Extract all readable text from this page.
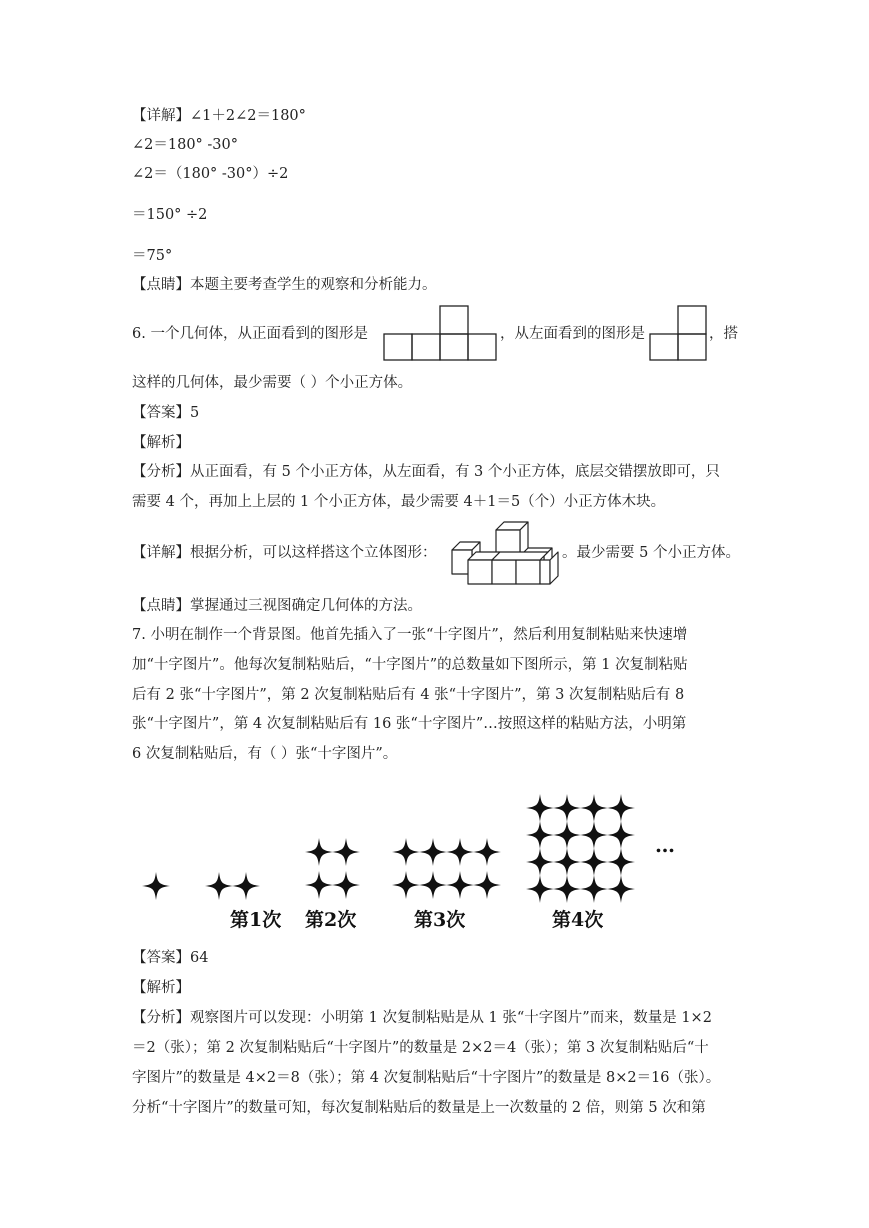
【详解】∠1＋2∠2＝180°
∠2＝180° -30°
∠2＝（180° -30°）÷2
＝150° ÷2
＝75°
【点睛】本题主要考查学生的观察和分析能力。
6. 一个几何体，从正面看到的图形是	，从左面看到的图形是	，搭
这样的几何体，最少需要（ ）个小正方体。
【答案】5
【解析】
【分析】从正面看，有 5 个小正方体，从左面看，有 3 个小正方体，底层交错摆放即可，只
需要 4 个，再加上上层的 1 个小正方体，最少需要 4＋1＝5（个）小正方体木块。
【详解】根据分析，可以这样搭这个立体图形：	。最少需要 5 个小正方体。
【点睛】掌握通过三视图确定几何体的方法。
7. 小明在制作一个背景图。他首先插入了一张“十字图片”，然后利用复制粘贴来快速增
加“十字图片”。他每次复制粘贴后，“十字图片”的总数量如下图所示，第 1 次复制粘贴
后有 2 张“十字图片”，第 2 次复制粘贴后有 4 张“十字图片”，第 3 次复制粘贴后有 8
张“十字图片”，第 4 次复制粘贴后有 16 张“十字图片”…按照这样的粘贴方法，小明第
6 次复制粘贴后，有（ ）张“十字图片”。
第1次 第2次	第3次	第4次
…
【答案】64
【解析】
【分析】观察图片可以发现：小明第 1 次复制粘贴是从 1 张“十字图片”而来，数量是 1×2
＝2（张）；第 2 次复制粘贴后“十字图片”的数量是 2×2＝4（张）；第 3 次复制粘贴后“十
字图片”的数量是 4×2＝8（张）；第 4 次复制粘贴后“十字图片”的数量是 8×2＝16（张）。
分析“十字图片”的数量可知，每次复制粘贴后的数量是上一次数量的 2 倍，则第 5 次和第
